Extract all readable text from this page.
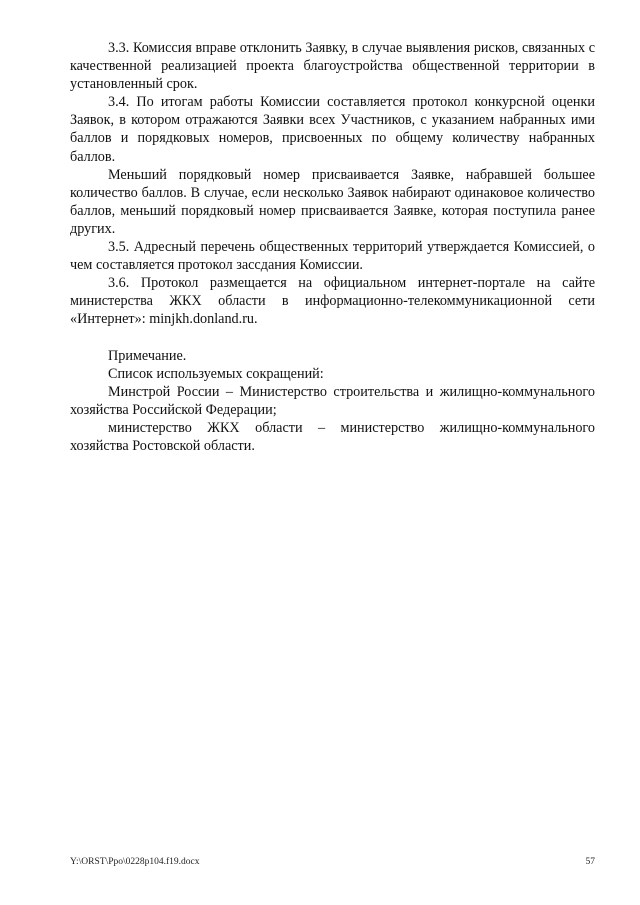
3.3. Комиссия вправе отклонить Заявку, в случае выявления рисков, связанных с качественной реализацией проекта благоустройства общественной территории в установленный срок.

3.4. По итогам работы Комиссии составляется протокол конкурсной оценки Заявок, в котором отражаются Заявки всех Участников, с указанием набранных ими баллов и порядковых номеров, присвоенных по общему количеству набранных баллов.

Меньший порядковый номер присваивается Заявке, набравшей большее количество баллов. В случае, если несколько Заявок набирают одинаковое количество баллов, меньший порядковый номер присваивается Заявке, которая поступила ранее других.

3.5. Адресный перечень общественных территорий утверждается Комиссией, о чем составляется протокол засcдания Комиссии.

3.6. Протокол размещается на официальном интернет-портале на сайте министерства ЖКХ области в информационно-телекоммуникационной сети «Интернет»: minjkh.donland.ru.

Примечание.

Список используемых сокращений:

Минстрой России – Министерство строительства и жилищно-коммунального хозяйства Российской Федерации;

министерство ЖКХ области – министерство жилищно-коммунального хозяйства Ростовской области.

Y:\ORST\Ppo\0228p104.f19.docx	57
